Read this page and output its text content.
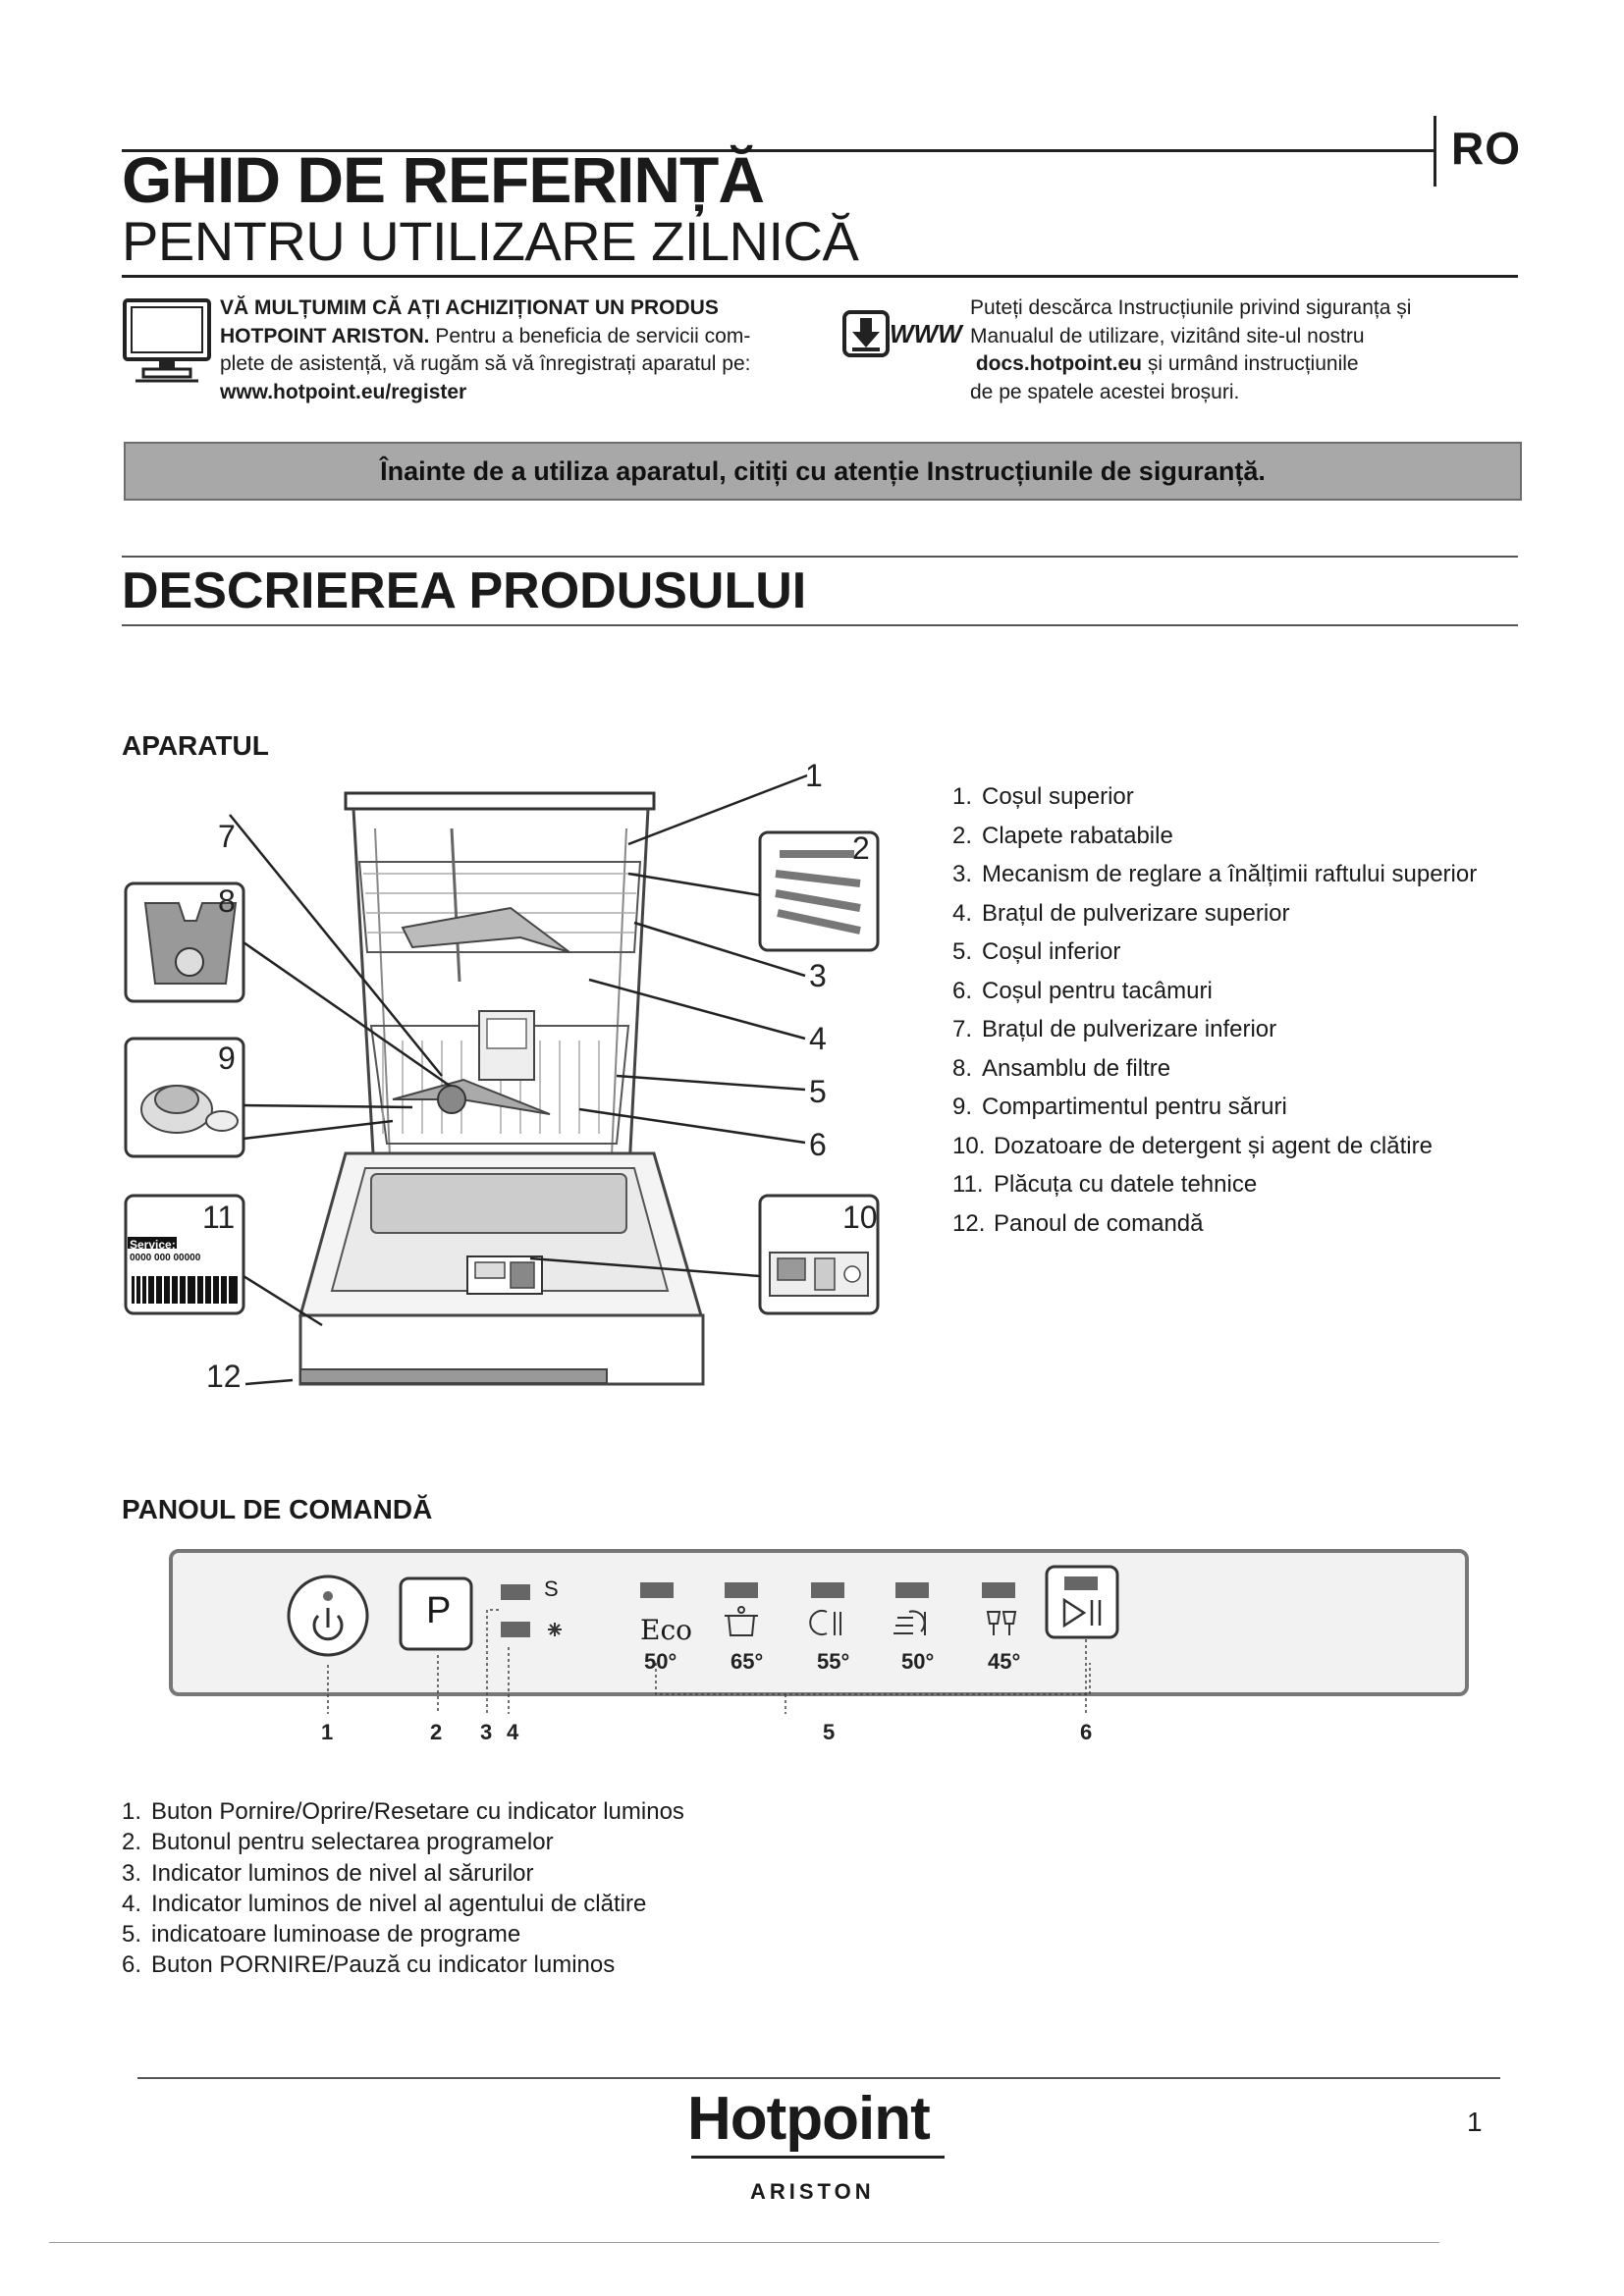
RO
GHID DE REFERINȚĂ
PENTRU UTILIZARE ZILNICĂ
VĂ MULȚUMIM CĂ AȚI ACHIZIȚIONAT UN PRODUS
HOTPOINT ARISTON. Pentru a beneficia de servicii com-
plete de asistență, vă rugăm să vă înregistrați aparatul pe:
www.hotpoint.eu/register
WWW
Puteți descărca Instrucțiunile privind siguranța și
Manualul de utilizare, vizitând site-ul nostru
docs.hotpoint.eu și urmând instrucțiunile
de pe spatele acestei broșuri.
Înainte de a utiliza aparatul, citiți cu atenție Instrucțiunile de siguranță.
DESCRIEREA PRODUSULUI
APARATUL
1
2
3
4
5
6
7
8
9
10
11
12
Service:
0000 000 00000
1. Coșul superior
2. Clapete rabatabile
3. Mecanism de reglare a înălțimii raftului superior
4. Brațul de pulverizare superior
5. Coșul inferior
6. Coșul pentru tacâmuri
7. Brațul de pulverizare inferior
8. Ansamblu de filtre
9. Compartimentul pentru săruri
10. Dozatoare de detergent și agent de clătire
11. Plăcuța cu datele tehnice
12. Panoul de comandă
PANOUL DE COMANDĂ
P
S
Eco
50° 65° 55° 50° 45°
1	2 3 4	5	6
1. Buton Pornire/Oprire/Resetare cu indicator luminos
2. Butonul pentru selectarea programelor
3. Indicator luminos de nivel al sărurilor
4. Indicator luminos de nivel al agentului de clătire
5. indicatoare luminoase de programe
6. Buton PORNIRE/Pauză cu indicator luminos
Hotpoint
ARISTON
1
